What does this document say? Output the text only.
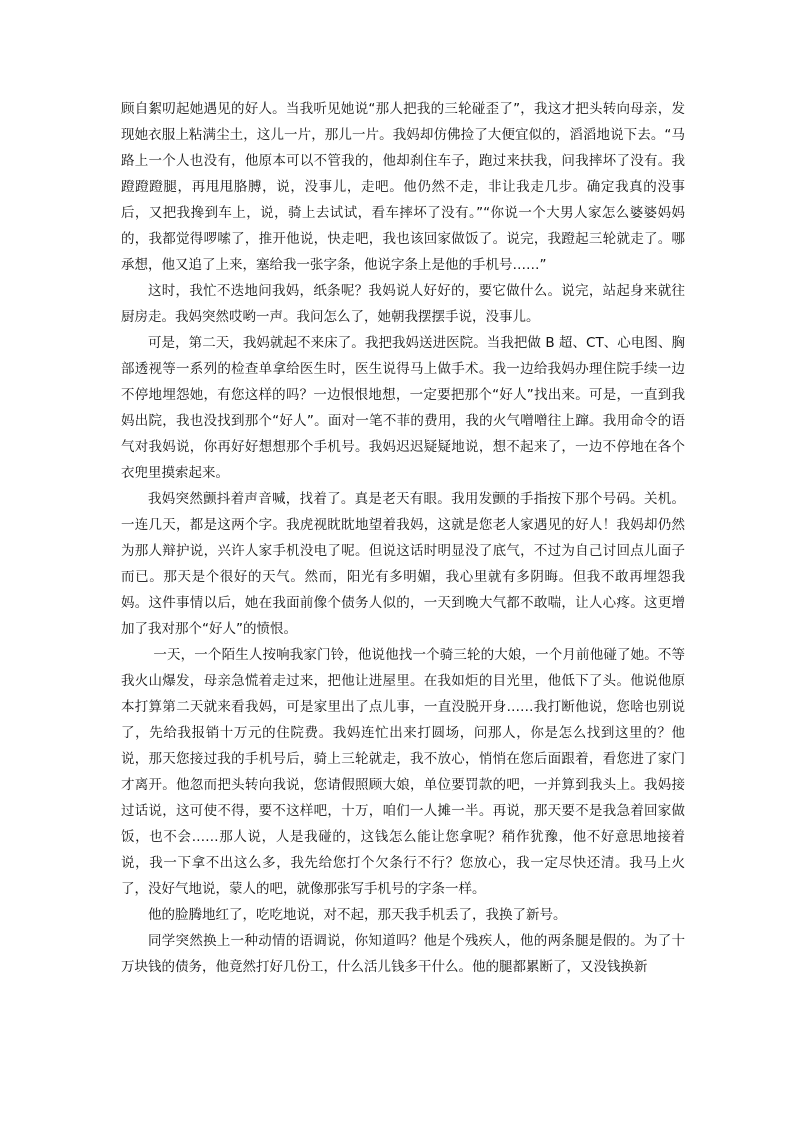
顾自絮叨起她遇见的好人。当我听见她说“那人把我的三轮碰歪了”，我这才把头转向母亲，发现她衣服上粘满尘土，这儿一片，那儿一片。我妈却仿佛捡了大便宜似的，滔滔地说下去。“马路上一个人也没有，他原本可以不管我的，他却刹住车子，跑过来扶我，问我摔坏了没有。我蹬蹬蹬腿，再甩甩胳膊，说，没事儿，走吧。他仍然不走，非让我走几步。确定我真的没事后，又把我搀到车上，说，骑上去试试，看车摔坏了没有。”“你说一个大男人家怎么婆婆妈妈的，我都觉得啰嗦了，推开他说，快走吧，我也该回家做饭了。说完，我蹬起三轮就走了。哪承想，他又追了上来，塞给我一张字条，他说字条上是他的手机号……”

这时，我忙不迭地问我妈，纸条呢？我妈说人好好的，要它做什么。说完，站起身来就往厨房走。我妈突然哎哟一声。我问怎么了，她朝我摆摆手说，没事儿。

可是，第二天，我妈就起不来床了。我把我妈送进医院。当我把做 B 超、CT、心电图、胸部透视等一系列的检查单拿给医生时，医生说得马上做手术。我一边给我妈办理住院手续一边不停地埋怨她，有您这样的吗？一边恨恨地想，一定要把那个“好人”找出来。可是，一直到我妈出院，我也没找到那个“好人”。面对一笔不菲的费用，我的火气噌噌往上蹿。我用命令的语气对我妈说，你再好好想想那个手机号。我妈迟迟疑疑地说，想不起来了，一边不停地在各个衣兜里摸索起来。

我妈突然颤抖着声音喊，找着了。真是老天有眼。我用发颤的手指按下那个号码。关机。一连几天，都是这两个字。我虎视眈眈地望着我妈，这就是您老人家遇见的好人！我妈却仍然为那人辩护说，兴许人家手机没电了呢。但说这话时明显没了底气，不过为自己讨回点儿面子而已。那天是个很好的天气。然而，阳光有多明媚，我心里就有多阴晦。但我不敢再埋怨我妈。这件事情以后，她在我面前像个债务人似的，一天到晚大气都不敢喘，让人心疼。这更增加了我对那个“好人”的愤恨。

一天，一个陌生人按响我家门铃，他说他找一个骑三轮的大娘，一个月前他碰了她。不等我火山爆发，母亲急慌着走过来，把他让进屋里。在我如炬的目光里，他低下了头。他说他原本打算第二天就来看我妈，可是家里出了点儿事，一直没脱开身……我打断他说，您啥也别说了，先给我报销十万元的住院费。我妈连忙出来打圆场，问那人，你是怎么找到这里的？他说，那天您接过我的手机号后，骑上三轮就走，我不放心，悄悄在您后面跟着，看您进了家门才离开。他忽而把头转向我说，您请假照顾大娘，单位要罚款的吧，一并算到我头上。我妈接过话说，这可使不得，要不这样吧，十万，咱们一人摊一半。再说，那天要不是我急着回家做饭，也不会……那人说，人是我碰的，这钱怎么能让您拿呢？稍作犹豫，他不好意思地接着说，我一下拿不出这么多，我先给您打个欠条行不行？您放心，我一定尽快还清。我马上火了，没好气地说，蒙人的吧，就像那张写手机号的字条一样。

他的脸腾地红了，吃吃地说，对不起，那天我手机丢了，我换了新号。

同学突然换上一种动情的语调说，你知道吗？他是个残疾人，他的两条腿是假的。为了十万块钱的债务，他竟然打好几份工，什么活儿钱多干什么。他的腿都累断了，又没钱换新
